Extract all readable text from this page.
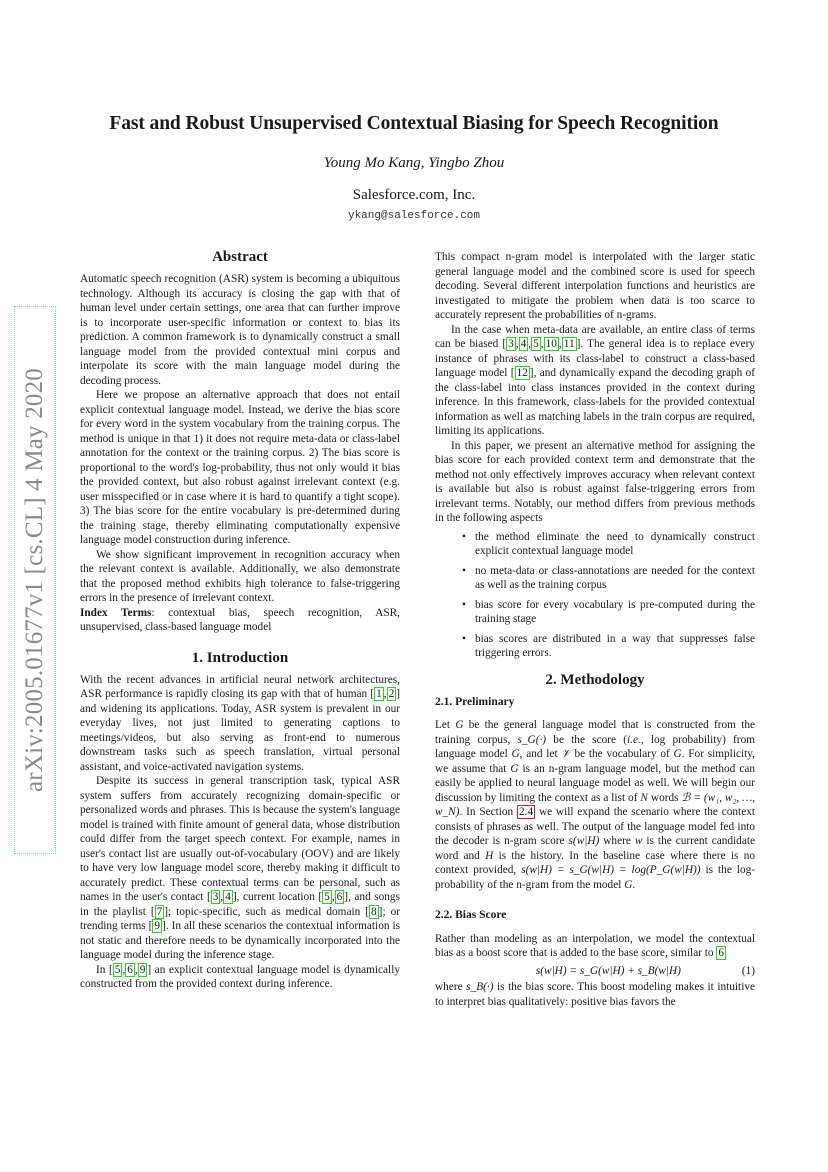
Fast and Robust Unsupervised Contextual Biasing for Speech Recognition
Young Mo Kang, Yingbo Zhou
Salesforce.com, Inc.
ykang@salesforce.com
arXiv:2005.01677v1 [cs.CL] 4 May 2020
Abstract

Automatic speech recognition (ASR) system is becoming a ubiquitous technology. Although its accuracy is closing the gap with that of human level under certain settings, one area that can further improve is to incorporate user-specific information or context to bias its prediction. A common framework is to dynamically construct a small language model from the provided contextual mini corpus and interpolate its score with the main language model during the decoding process.

Here we propose an alternative approach that does not entail explicit contextual language model. Instead, we derive the bias score for every word in the system vocabulary from the training corpus. The method is unique in that 1) it does not require meta-data or class-label annotation for the context or the training corpus. 2) The bias score is proportional to the word's log-probability, thus not only would it bias the provided context, but also robust against irrelevant context (e.g. user misspecified or in case where it is hard to quantify a tight scope). 3) The bias score for the entire vocabulary is pre-determined during the training stage, thereby eliminating computationally expensive language model construction during inference.

We show significant improvement in recognition accuracy when the relevant context is available. Additionally, we also demonstrate that the proposed method exhibits high tolerance to false-triggering errors in the presence of irrelevant context.

Index Terms: contextual bias, speech recognition, ASR, unsupervised, class-based language model

1. Introduction

With the recent advances in artificial neural network architectures, ASR performance is rapidly closing its gap with that of human [ 1 , 2 ] and widening its applications. Today, ASR system is prevalent in our everyday lives, not just limited to generating captions to meetings/videos, but also serving as front-end to numerous downstream tasks such as speech translation, virtual personal assistant, and voice-activated navigation systems.

Despite its success in general transcription task, typical ASR system suffers from accurately recognizing domain-specific or personalized words and phrases. This is because the system's language model is trained with finite amount of general data, whose distribution could differ from the target speech context. For example, names in user's contact list are usually out-of-vocabulary (OOV) and are likely to have very low language model score, thereby making it difficult to accurately predict. These contextual terms can be personal, such as names in the user's contact [ 3 , 4 ], current location [ 5 , 6 ], and songs in the playlist [ 7 ]; topic-specific, such as medical domain [ 8 ]; or trending terms [ 9 ]. In all these scenarios the contextual information is not static and therefore needs to be dynamically incorporated into the language model during the inference stage.

In [ 5 , 6 , 9 ] an explicit contextual language model is dynamically constructed from the provided context during inference.

This compact n-gram model is interpolated with the larger static general language model and the combined score is used for speech decoding. Several different interpolation functions and heuristics are investigated to mitigate the problem when data is too scarce to accurately represent the probabilities of n-grams.

In the case when meta-data are available, an entire class of terms can be biased [ 3 , 4 , 5 , 10 , 11 ]. The general idea is to replace every instance of phrases with its class-label to construct a class-based language model [ 12 ], and dynamically expand the decoding graph of the class-label into class instances provided in the context during inference. In this framework, class-labels for the provided contextual information as well as matching labels in the train corpus are required, limiting its applications.

In this paper, we present an alternative method for assigning the bias score for each provided context term and demonstrate that the method not only effectively improves accuracy when relevant context is available but also is robust against false-triggering errors from irrelevant terms. Notably, our method differs from previous methods in the following aspects

• the method eliminate the need to dynamically construct explicit contextual language model
• no meta-data or class-annotations are needed for the context as well as the training corpus
• bias score for every vocabulary is pre-computed during the training stage
• bias scores are distributed in a way that suppresses false triggering errors.
2. Methodology
2.1. Preliminary

Let G be the general language model that is constructed from the training corpus, s_G(·) be the score (i.e., log probability) from language model G, and let 𝒱 be the vocabulary of G. For simplicity, we assume that G is an n-gram language model, but the method can easily be applied to neural language model as well. We will begin our discussion by limiting the context as a list of N words ℬ = (w₁, w₂, …, w_N). In Section 2.4 we will expand the scenario where the context consists of phrases as well. The output of the language model fed into the decoder is n-gram score s(w|H) where w is the current candidate word and H is the history. In the baseline case where there is no context provided, s(w|H) = s_G(w|H) = log(P_G(w|H)) is the log-probability of the n-gram from the model G.

2.2. Bias Score

Rather than modeling as an interpolation, we model the contextual bias as a boost score that is added to the base score, similar to 6

s(w|H) = s_G(w|H) + s_B(w|H)	(1)

where s_B(·) is the bias score. This boost modeling makes it intuitive to interpret bias qualitatively: positive bias favors the
